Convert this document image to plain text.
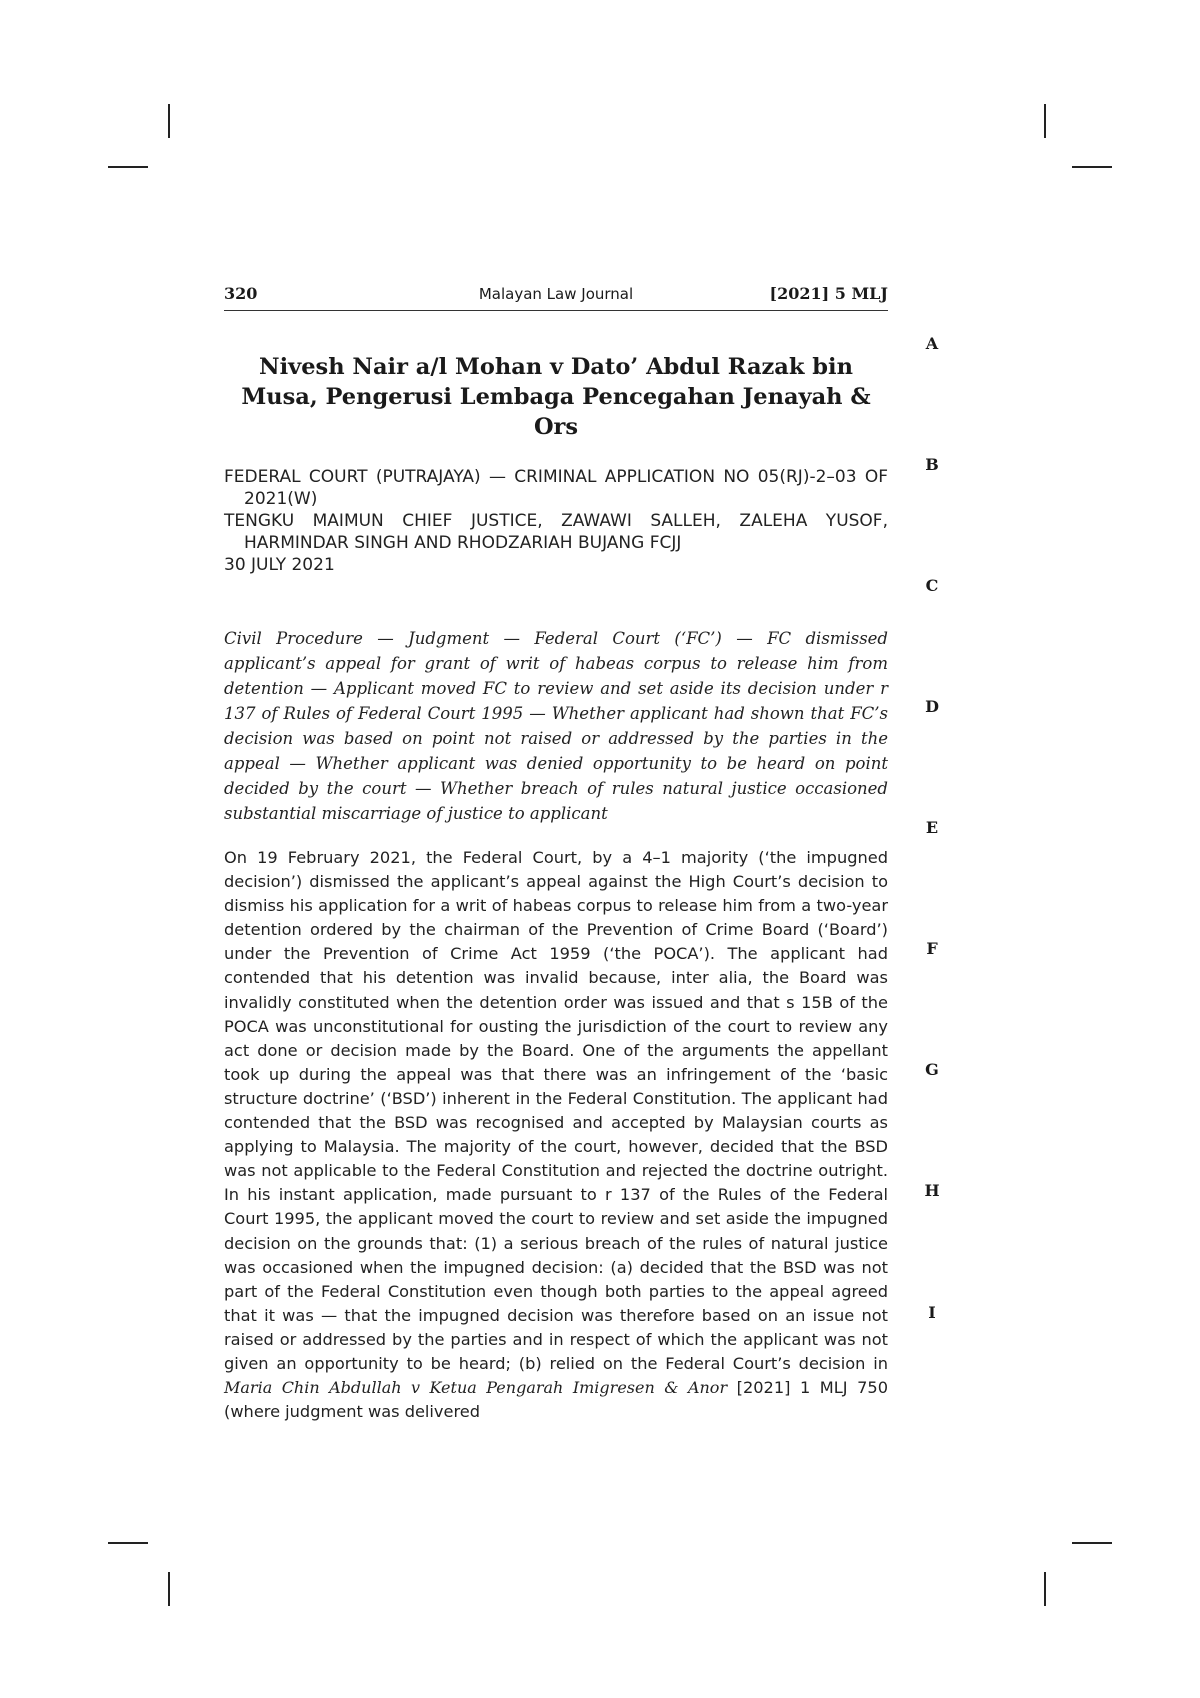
320	Malayan Law Journal	[2021] 5 MLJ
A
B
C
D
E
F
G
H
I
Nivesh Nair a/l Mohan v Dato’ Abdul Razak bin Musa, Pengerusi Lembaga Pencegahan Jenayah & Ors
FEDERAL COURT (PUTRAJAYA) — CRIMINAL APPLICATION NO 05(RJ)-2–03 OF 2021(W)
TENGKU MAIMUN CHIEF JUSTICE, ZAWAWI SALLEH, ZALEHA YUSOF, HARMINDAR SINGH AND RHODZARIAH BUJANG FCJJ
30 JULY 2021
Civil Procedure — Judgment — Federal Court (‘FC’) — FC dismissed applicant’s appeal for grant of writ of habeas corpus to release him from detention — Applicant moved FC to review and set aside its decision under r 137 of Rules of Federal Court 1995 — Whether applicant had shown that FC’s decision was based on point not raised or addressed by the parties in the appeal — Whether applicant was denied opportunity to be heard on point decided by the court — Whether breach of rules natural justice occasioned substantial miscarriage of justice to applicant
On 19 February 2021, the Federal Court, by a 4–1 majority (‘the impugned decision’) dismissed the applicant’s appeal against the High Court’s decision to dismiss his application for a writ of habeas corpus to release him from a two-year detention ordered by the chairman of the Prevention of Crime Board (‘Board’) under the Prevention of Crime Act 1959 (‘the POCA’). The applicant had contended that his detention was invalid because, inter alia, the Board was invalidly constituted when the detention order was issued and that s 15B of the POCA was unconstitutional for ousting the jurisdiction of the court to review any act done or decision made by the Board. One of the arguments the appellant took up during the appeal was that there was an infringement of the ‘basic structure doctrine’ (‘BSD’) inherent in the Federal Constitution. The applicant had contended that the BSD was recognised and accepted by Malaysian courts as applying to Malaysia. The majority of the court, however, decided that the BSD was not applicable to the Federal Constitution and rejected the doctrine outright. In his instant application, made pursuant to r 137 of the Rules of the Federal Court 1995, the applicant moved the court to review and set aside the impugned decision on the grounds that: (1) a serious breach of the rules of natural justice was occasioned when the impugned decision: (a) decided that the BSD was not part of the Federal Constitution even though both parties to the appeal agreed that it was — that the impugned decision was therefore based on an issue not raised or addressed by the parties and in respect of which the applicant was not given an opportunity to be heard; (b) relied on the Federal Court’s decision in Maria Chin Abdullah v Ketua Pengarah Imigresen & Anor [2021] 1 MLJ 750 (where judgment was delivered
